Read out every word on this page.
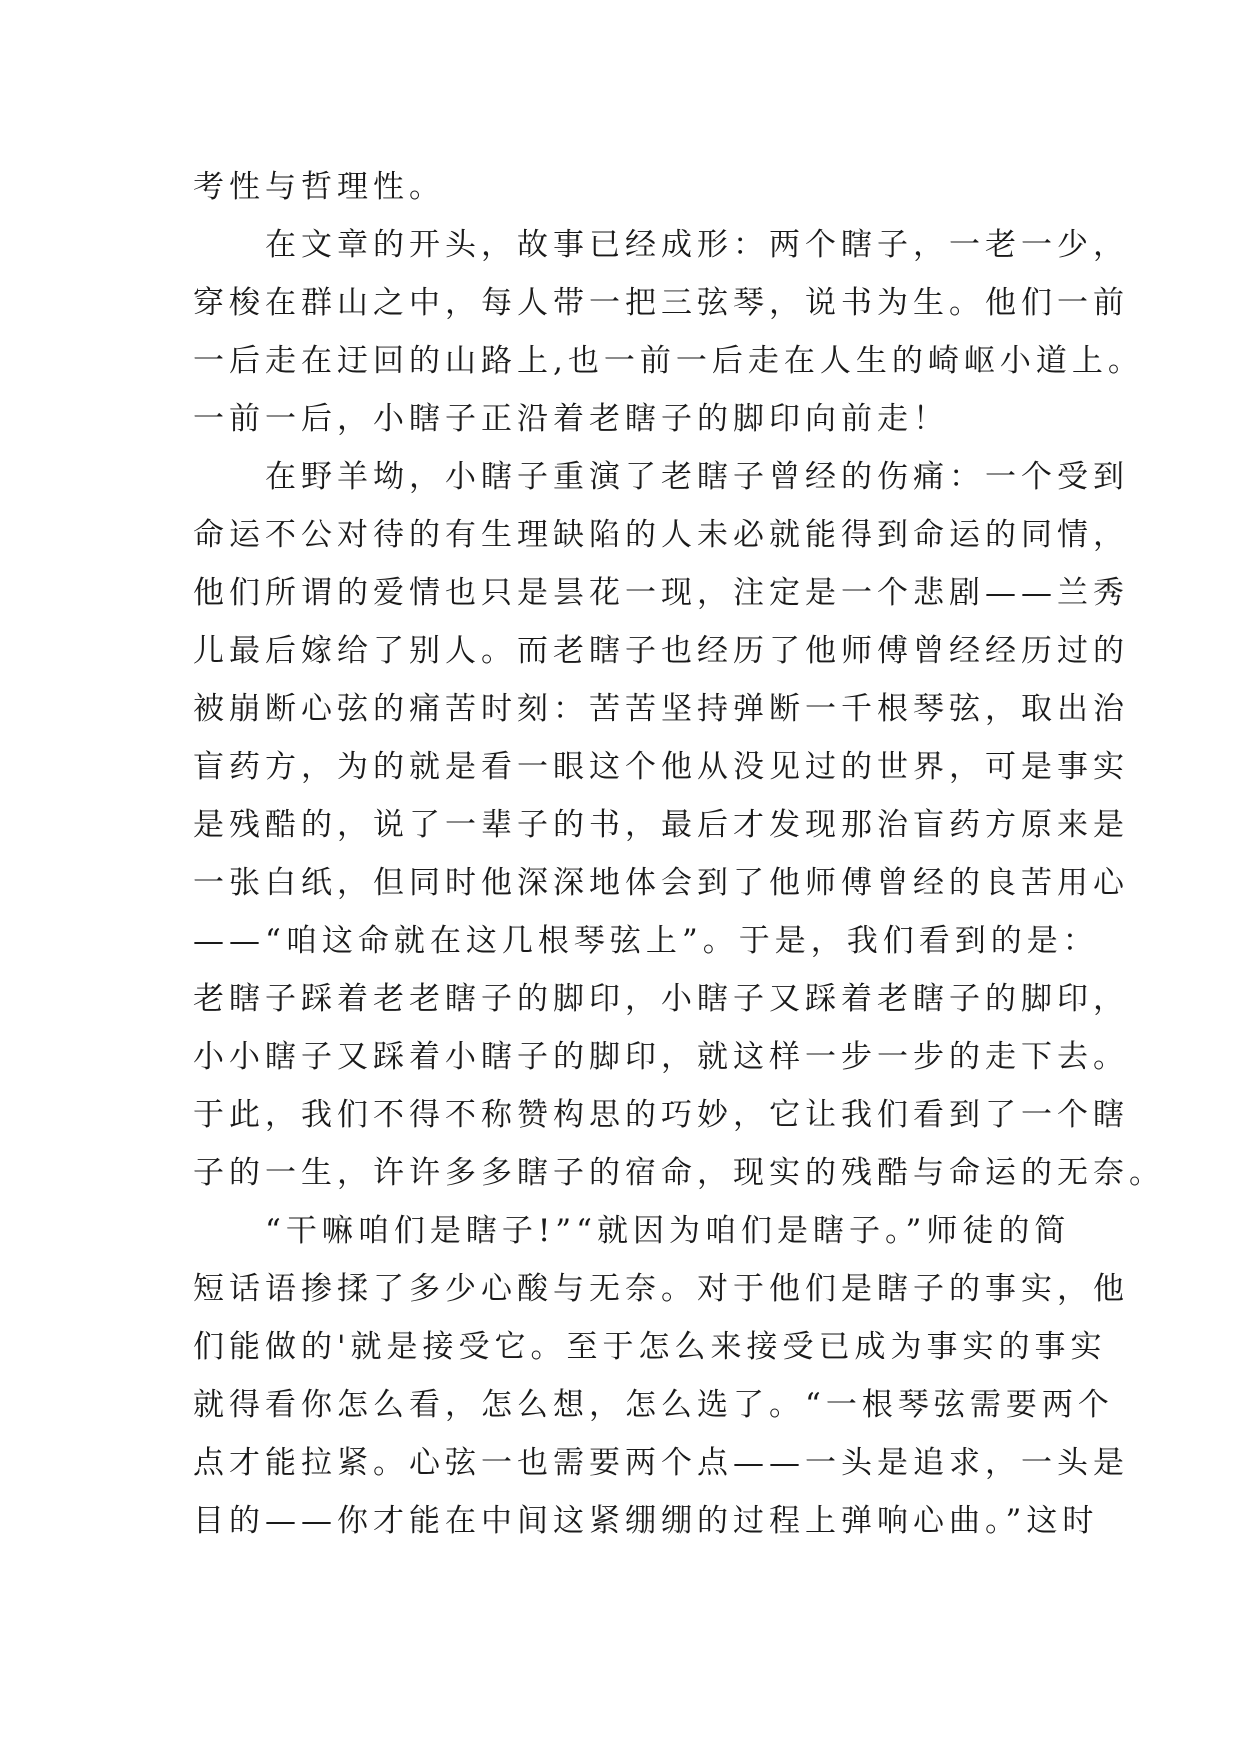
考性与哲理性。
　　在文章的开头，故事已经成形：两个瞎子，一老一少，
穿梭在群山之中，每人带一把三弦琴，说书为生。他们一前
一后走在迂回的山路上,也一前一后走在人生的崎岖小道上。
一前一后，小瞎子正沿着老瞎子的脚印向前走！
　　在野羊坳，小瞎子重演了老瞎子曾经的伤痛：一个受到
命运不公对待的有生理缺陷的人未必就能得到命运的同情，
他们所谓的爱情也只是昙花一现，注定是一个悲剧——兰秀
儿最后嫁给了别人。而老瞎子也经历了他师傅曾经经历过的
被崩断心弦的痛苦时刻：苦苦坚持弹断一千根琴弦，取出治
盲药方，为的就是看一眼这个他从没见过的世界，可是事实
是残酷的，说了一辈子的书，最后才发现那治盲药方原来是
一张白纸，但同时他深深地体会到了他师傅曾经的良苦用心
——“咱这命就在这几根琴弦上”。于是，我们看到的是：
老瞎子踩着老老瞎子的脚印，小瞎子又踩着老瞎子的脚印，
小小瞎子又踩着小瞎子的脚印，就这样一步一步的走下去。
于此，我们不得不称赞构思的巧妙，它让我们看到了一个瞎
子的一生，许许多多瞎子的宿命，现实的残酷与命运的无奈。
　　“干嘛咱们是瞎子!”“就因为咱们是瞎子。”师徒的简
短话语掺揉了多少心酸与无奈。对于他们是瞎子的事实，他
们能做的'就是接受它。至于怎么来接受已成为事实的事实
就得看你怎么看，怎么想，怎么选了。“一根琴弦需要两个
点才能拉紧。心弦一也需要两个点——一头是追求，一头是
目的——你才能在中间这紧绷绷的过程上弹响心曲。”这时
